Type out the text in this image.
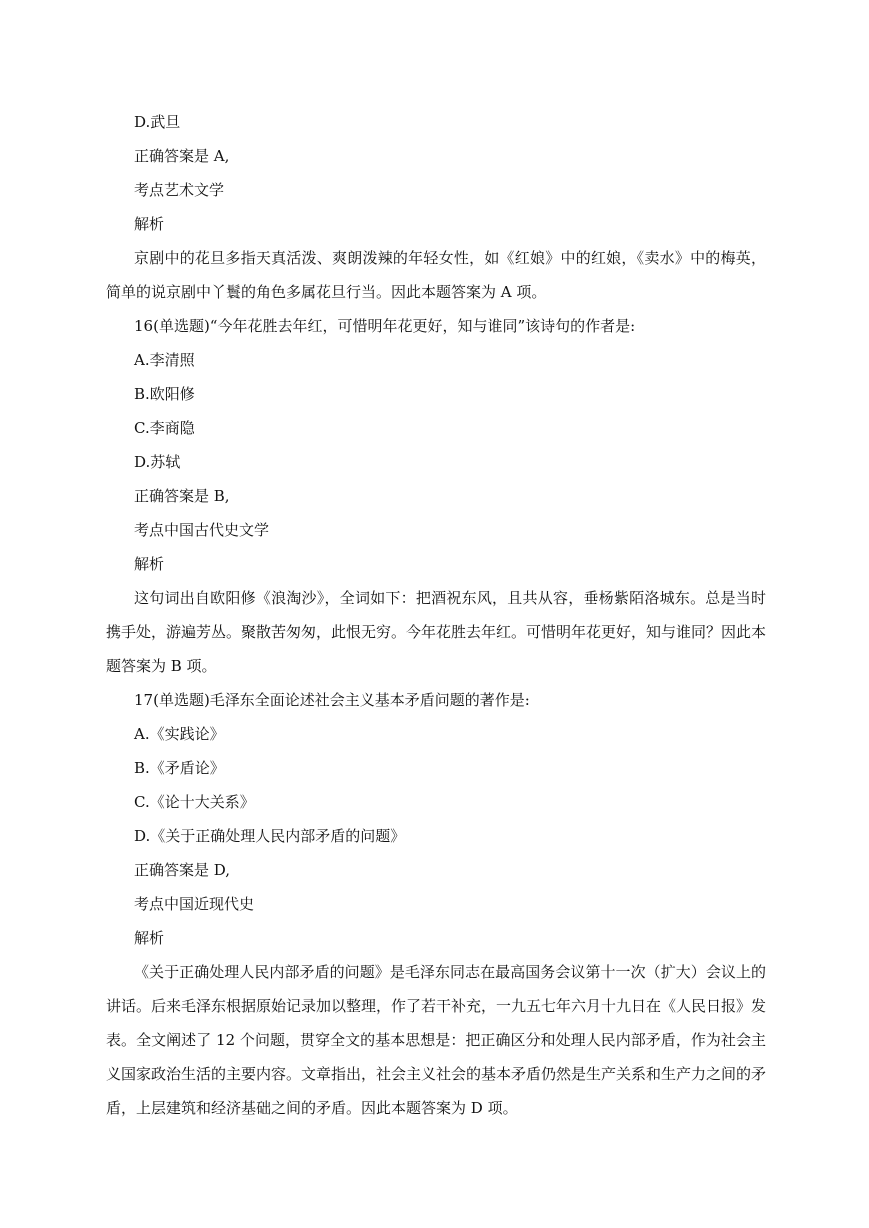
D.武旦
正确答案是 A,
考点艺术文学
解析
京剧中的花旦多指天真活泼、爽朗泼辣的年轻女性，如《红娘》中的红娘，《卖水》中的梅英，简单的说京剧中丫鬟的角色多属花旦行当。因此本题答案为 A 项。
16(单选题)“今年花胜去年红，可惜明年花更好，知与谁同”该诗句的作者是:
A.李清照
B.欧阳修
C.李商隐
D.苏轼
正确答案是 B,
考点中国古代史文学
解析
这句词出自欧阳修《浪淘沙》，全词如下：把酒祝东风，且共从容，垂杨紫陌洛城东。总是当时携手处，游遍芳丛。聚散苦匆匆，此恨无穷。今年花胜去年红。可惜明年花更好，知与谁同？因此本题答案为 B 项。
17(单选题)毛泽东全面论述社会主义基本矛盾问题的著作是:
A.《实践论》
B.《矛盾论》
C.《论十大关系》
D.《关于正确处理人民内部矛盾的问题》
正确答案是 D,
考点中国近现代史
解析
《关于正确处理人民内部矛盾的问题》是毛泽东同志在最高国务会议第十一次（扩大）会议上的讲话。后来毛泽东根据原始记录加以整理，作了若干补充，一九五七年六月十九日在《人民日报》发表。全文阐述了 12 个问题，贯穿全文的基本思想是：把正确区分和处理人民内部矛盾，作为社会主义国家政治生活的主要内容。文章指出，社会主义社会的基本矛盾仍然是生产关系和生产力之间的矛盾，上层建筑和经济基础之间的矛盾。因此本题答案为 D 项。
